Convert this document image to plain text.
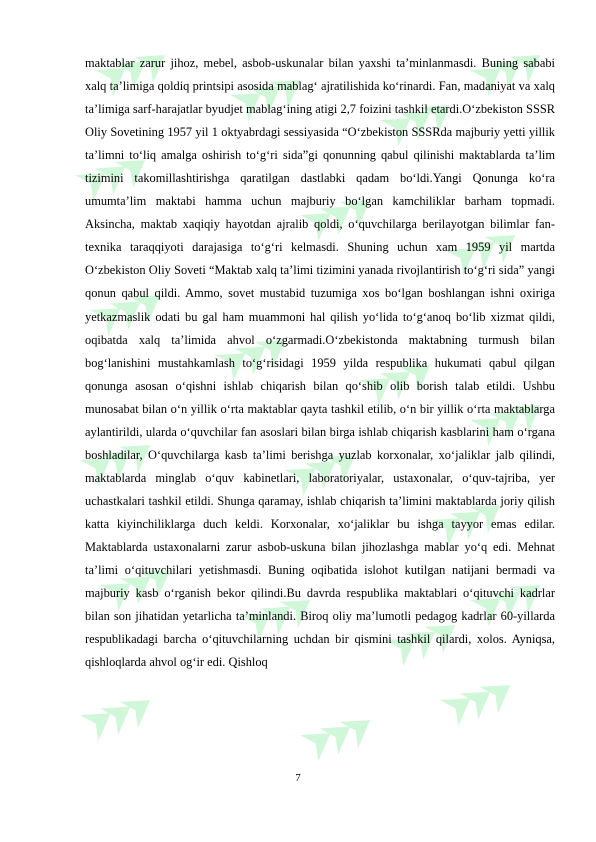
maktablar zarur jihoz, mebel, asbob-uskunalar bilan yaxshi ta’minlanmasdi. Buning sababi xalq ta’limiga qoldiq printsipi asosida mablag‘ ajratilishida ko‘rinardi. Fan, madaniyat va xalq ta’limiga sarf-harajatlar byudjet mablag‘ining atigi 2,7 foizini tashkil etardi.O‘zbekiston SSSR Oliy Sovetining 1957 yil 1 oktyabrdagi sessiyasida “O‘zbekiston SSSRda majburiy yetti yillik ta’limni to‘liq amalga oshirish to‘g‘ri sida”gi qonunning qabul qilinishi maktablarda ta’lim tizimini takomillashtirishga qaratilgan dastlabki qadam bo‘ldi.Yangi Qonunga ko‘ra umumta’lim maktabi hamma uchun majburiy bo‘lgan kamchiliklar barham topmadi. Aksincha, maktab xaqiqiy hayotdan ajralib qoldi, o‘quvchilarga berilayotgan bilimlar fan-texnika taraqqiyoti darajasiga to‘g‘ri kelmasdi. Shuning uchun xam 1959 yil martda O‘zbekiston Oliy Soveti “Maktab xalq ta’limi tizimini yanada rivojlantirish to‘g‘ri sida” yangi qonun qabul qildi. Ammo, sovet mustabid tuzumiga xos bo‘lgan boshlangan ishni oxiriga yetkazmaslik odati bu gal ham muammoni hal qilish yo‘lida to‘g‘anoq bo‘lib xizmat qildi, oqibatda xalq ta’limida ahvol o‘zgarmadi.O‘zbekistonda maktabning turmush bilan bog‘lanishini mustahkamlash to‘g‘risidagi 1959 yilda respublika hukumati qabul qilgan qonunga asosan o‘qishni ishlab chiqarish bilan qo‘shib olib borish talab etildi. Ushbu munosabat bilan o‘n yillik o‘rta maktablar qayta tashkil etilib, o‘n bir yillik o‘rta maktablarga aylantirildi, ularda o‘quvchilar fan asoslari bilan birga ishlab chiqarish kasblarini ham o‘rgana boshladilar, O‘quvchilarga kasb ta’limi berishga yuzlab korxonalar, xo‘jaliklar jalb qilindi, maktablarda minglab o‘quv kabinetlari, laboratoriyalar, ustaxonalar, o‘quv-tajriba, yer uchastkalari tashkil etildi. Shunga qaramay, ishlab chiqarish ta’limini maktablarda joriy qilish katta kiyinchiliklarga duch keldi. Korxonalar, xo‘jaliklar bu ishga tayyor emas edilar. Maktablarda ustaxonalarni zarur asbob-uskuna bilan jihozlashga mablar yo‘q edi. Mehnat ta’limi o‘qituvchilari yetishmasdi. Buning oqibatida islohot kutilgan natijani bermadi va majburiy kasb o‘rganish bekor qilindi.Bu davrda respublika maktablari o‘qituvchi kadrlar bilan son jihatidan yetarlicha ta’minlandi. Biroq oliy ma’lumotli pedagog kadrlar 60-yillarda respublikadagi barcha o‘qituvchilarning uchdan bir qismini tashkil qilardi, xolos. Ayniqsa, qishloqlarda ahvol og‘ir edi. Qishloq

7
